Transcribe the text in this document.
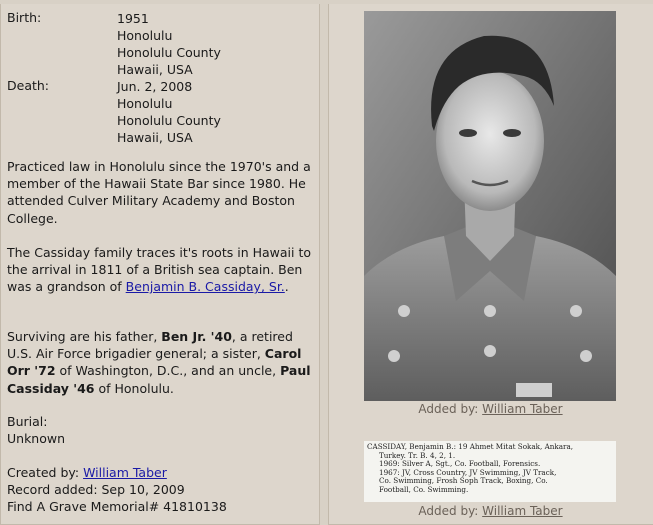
Birth:	1951
Honolulu
Honolulu County
Hawaii, USA
Death:	Jun. 2, 2008
Honolulu
Honolulu County
Hawaii, USA

Practiced law in Honolulu since the 1970's and a member of the Hawaii State Bar since 1980. He attended Culver Military Academy and Boston College.

The Cassiday family traces it's roots in Hawaii to the arrival in 1811 of a British sea captain. Ben was a grandson of Benjamin B. Cassiday, Sr..

Surviving are his father, Ben Jr. '40, a retired U.S. Air Force brigadier general; a sister, Carol Orr '72 of Washington, D.C., and an uncle, Paul Cassiday '46 of Honolulu.

Burial:
Unknown
Created by: William Taber
Record added: Sep 10, 2009
Find A Grave Memorial# 41810138
Added by: William Taber
CASSIDAY, Benjamin B.: 19 Ahmet Mitat Sokak, Ankara,
Turkey. Tr. B. 4, 2, 1.
1969: Silver A, Sgt., Co. Football, Forensics.
1967: JV, Cross Country, JV Swimming, JV Track,
Co. Swimming, Frosh Soph Track, Boxing, Co.
Football, Co. Swimming.
Added by: William Taber
